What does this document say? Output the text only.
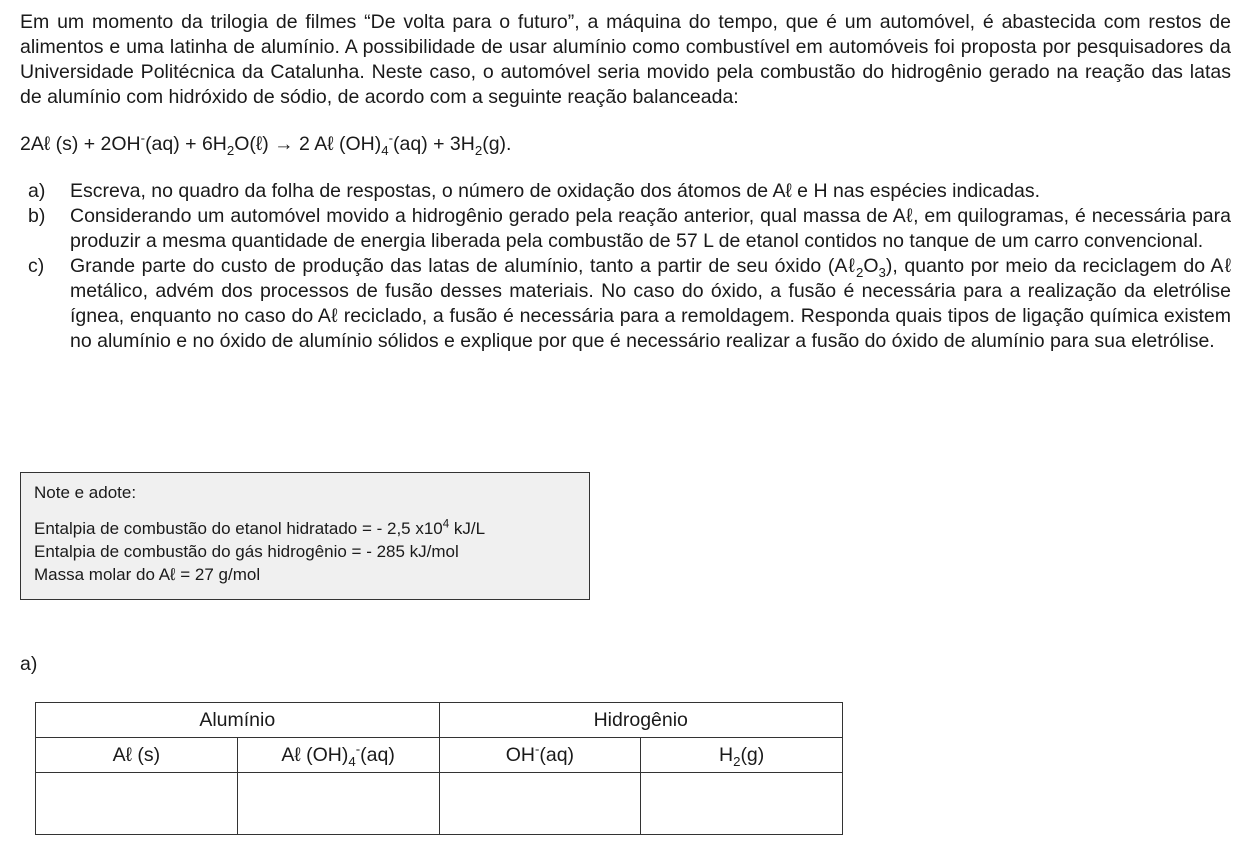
Em um momento da trilogia de filmes “De volta para o futuro”, a máquina do tempo, que é um automóvel, é abastecida com restos de alimentos e uma latinha de alumínio. A possibilidade de usar alumínio como combustível em automóveis foi proposta por pesquisadores da Universidade Politécnica da Catalunha. Neste caso, o automóvel seria movido pela combustão do hidrogênio gerado na reação das latas de alumínio com hidróxido de sódio, de acordo com a seguinte reação balanceada:

2Aℓ $(s) + 2OH^-(aq) + 6H_2O(\ell) \to 2$ Aℓ $(OH)_4^-(aq) + 3H_2(g)$.

a) Escreva, no quadro da folha de respostas, o número de oxidação dos átomos de Aℓ e H nas espécies indicadas.
b) Considerando um automóvel movido a hidrogênio gerado pela reação anterior, qual massa de Aℓ, em quilogramas, é necessária para produzir a mesma quantidade de energia liberada pela combustão de 57 L de etanol contidos no tanque de um carro convencional.
c) Grande parte do custo de produção das latas de alumínio, tanto a partir de seu óxido $(A\ell_2O_3)$, quanto por meio da reciclagem do Aℓ metálico, advém dos processos de fusão desses materiais. No caso do óxido, a fusão é necessária para a realização da eletrólise ígnea, enquanto no caso do Aℓ reciclado, a fusão é necessária para a remoldagem. Responda quais tipos de ligação química existem no alumínio e no óxido de alumínio sólidos e explique por que é necessário realizar a fusão do óxido de alumínio para sua eletrólise.

Note e adote:

Entalpia de combustão do etanol hidratado = - 2,5 $x10^4$ kJ/L

Entalpia de combustão do gás hidrogênio = - 285 kJ/mol

Massa molar do Aℓ = 27 g/mol

a)
Alumínio		Hidrogênio	
Aℓ (s)	Aℓ $(OH)_4^-(aq)$	OH-(aq)	$H_2(g)$
